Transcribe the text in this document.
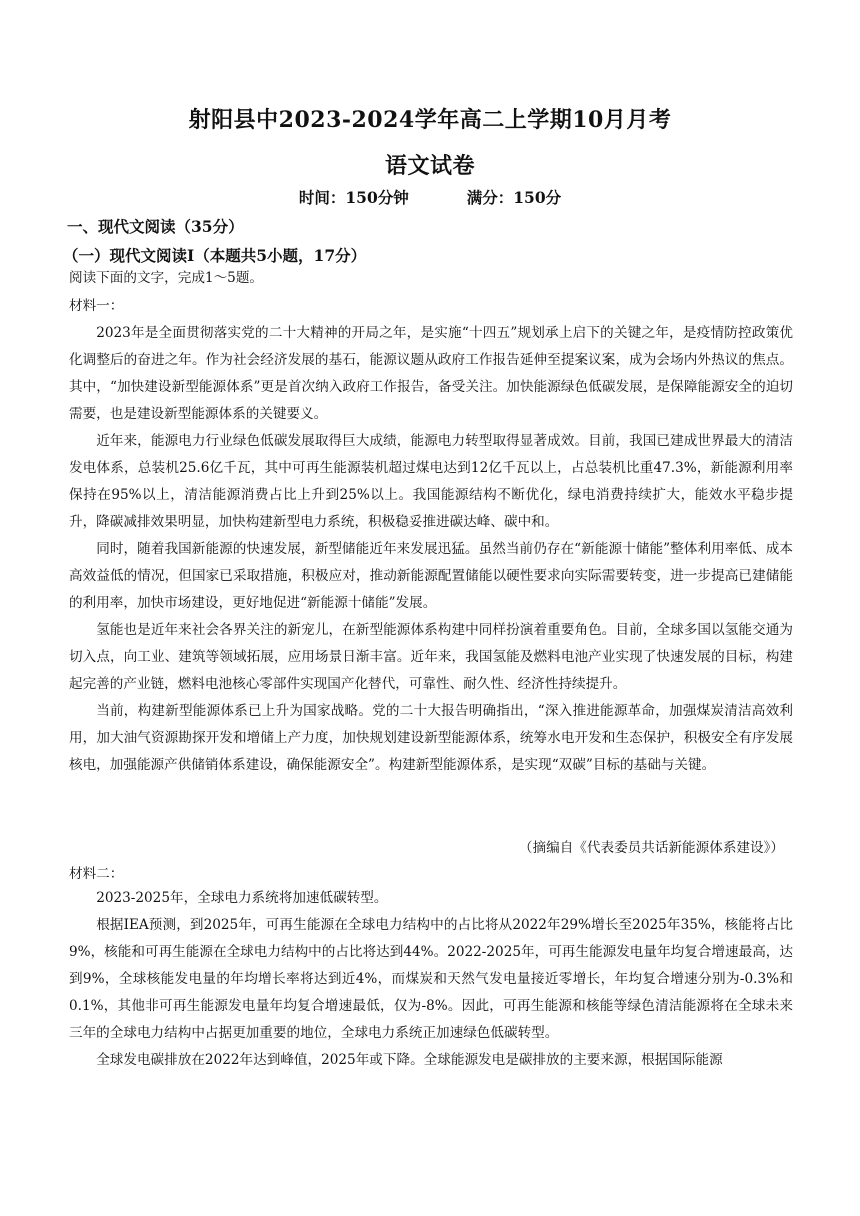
射阳县中2023-2024学年高二上学期10月月考
语文试卷
时间：150分钟	满分：150分
一、现代文阅读（35分）
（一）现代文阅读Ⅰ（本题共5小题，17分）
阅读下面的文字，完成1～5题。
材料一：

2023年是全面贯彻落实党的二十大精神的开局之年，是实施“十四五”规划承上启下的关键之年，是疫情防控政策优化调整后的奋进之年。作为社会经济发展的基石，能源议题从政府工作报告延伸至提案议案，成为会场内外热议的焦点。其中，“加快建设新型能源体系”更是首次纳入政府工作报告，备受关注。加快能源绿色低碳发展，是保障能源安全的迫切需要，也是建设新型能源体系的关键要义。

近年来，能源电力行业绿色低碳发展取得巨大成绩，能源电力转型取得显著成效。目前，我国已建成世界最大的清洁发电体系，总装机25.6亿千瓦，其中可再生能源装机超过煤电达到12亿千瓦以上，占总装机比重47.3%，新能源利用率保持在95%以上，清洁能源消费占比上升到25%以上。我国能源结构不断优化，绿电消费持续扩大，能效水平稳步提升，降碳减排效果明显，加快构建新型电力系统，积极稳妥推进碳达峰、碳中和。

同时，随着我国新能源的快速发展，新型储能近年来发展迅猛。虽然当前仍存在“新能源十储能”整体利用率低、成本高效益低的情况，但国家已采取措施，积极应对，推动新能源配置储能以硬性要求向实际需要转变，进一步提高已建储能的利用率，加快市场建设，更好地促进“新能源十储能”发展。

氢能也是近年来社会各界关注的新宠儿，在新型能源体系构建中同样扮演着重要角色。目前，全球多国以氢能交通为切入点，向工业、建筑等领域拓展，应用场景日渐丰富。近年来，我国氢能及燃料电池产业实现了快速发展的目标，构建起完善的产业链，燃料电池核心零部件实现国产化替代，可靠性、耐久性、经济性持续提升。

当前，构建新型能源体系已上升为国家战略。党的二十大报告明确指出，“深入推进能源革命，加强煤炭清洁高效利用，加大油气资源勘探开发和增储上产力度，加快规划建设新型能源体系，统筹水电开发和生态保护，积极安全有序发展核电，加强能源产供储销体系建设，确保能源安全”。构建新型能源体系，是实现“双碳”目标的基础与关键。

（摘编自《代表委员共话新能源体系建设》）
材料二：

2023-2025年，全球电力系统将加速低碳转型。

根据IEA预测，到2025年，可再生能源在全球电力结构中的占比将从2022年29%增长至2025年35%，核能将占比9%，核能和可再生能源在全球电力结构中的占比将达到44%。2022-2025年，可再生能源发电量年均复合增速最高，达到9%，全球核能发电量的年均增长率将达到近4%，而煤炭和天然气发电量接近零增长，年均复合增速分别为-0.3%和0.1%，其他非可再生能源发电量年均复合增速最低，仅为-8%。因此，可再生能源和核能等绿色清洁能源将在全球未来三年的全球电力结构中占据更加重要的地位，全球电力系统正加速绿色低碳转型。

全球发电碳排放在2022年达到峰值，2025年或下降。全球能源发电是碳排放的主要来源，根据国际能源
